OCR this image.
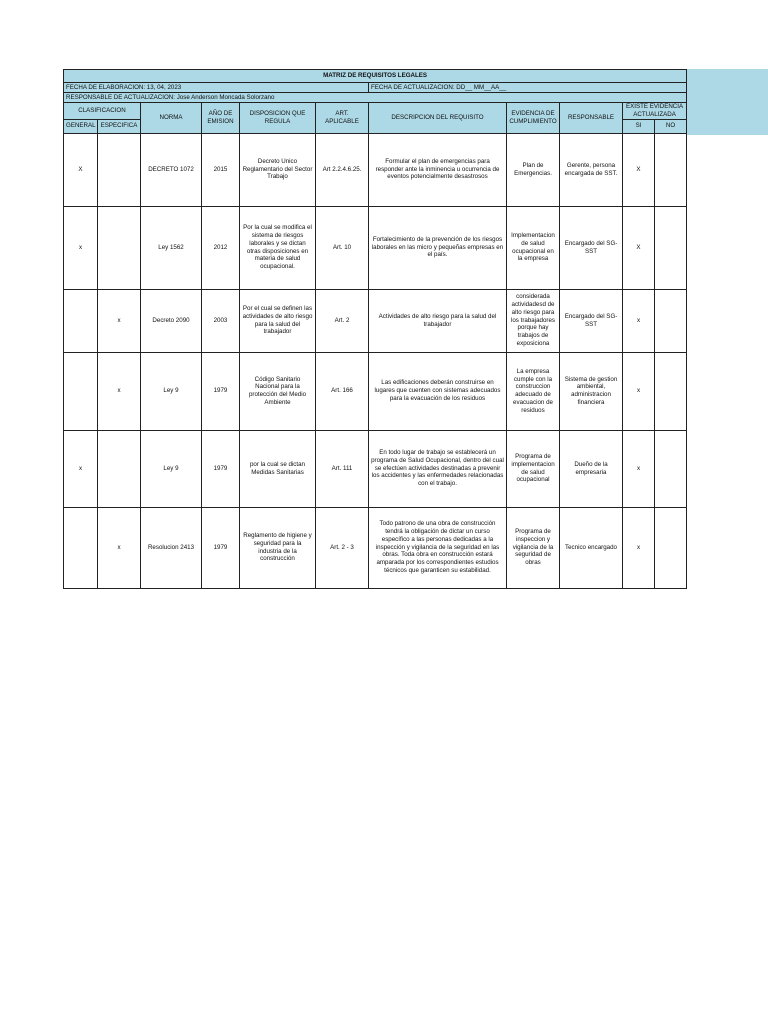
MATRIZ DE REQUISITOS LEGALES										
FECHA DE ELABORACION: 13, 04, 2023						FECHA DE ACTUALIZACION: DD__ MM__AA__				
RESPONSABLE DE ACTUALIZACION: Jose Anderson Moncada Solorzano										
CLASIFICACION		NORMA	AÑO DE EMISION	DISPOSICION QUE REGULA	ART. APLICABLE	DESCRIPCION DEL REQUISITO	EVIDENCIA DE CUMPLIMIENTO	RESPONSABLE	EXISTE EVIDENCIA ACTUALIZADA	
GENERAL	ESPECIFICA								SI	NO
X		DECRETO 1072	2015	Decreto Unico Reglamentario del Sector Trabajo	Art 2.2.4.6.25.	Formular el plan de emergencias para responder ante la inminencia u ocurrencia de eventos potencialmente desastrosos	Plan de Emergencias.	Gerente, persona encargada de SST.	X	
x		Ley 1562	2012	Por la cual se modifica el sistema de riesgos laborales y se dictan otras disposiciones en materia de salud ocupacional.	Art. 10	Fortalecimiento de la prevención de los riesgos laborales en las micro y pequeñas empresas en el país.	Implementacion de salud ocupacional en la empresa	Encargado del SG-SST	X	
	x	Decreto 2090	2003	Por el cual se definen las actividades de alto riesgo para la salud del trabajador	Art. 2	Actividades de alto riesgo para la salud del trabajador	considerada actividadesd de alto riesgo para los trabajadores porque hay trabajos de exposiciona	Encargado del SG-SST	x	
	x	Ley 9	1979	Código Sanitario Nacional para la protección del Medio Ambiente	Art. 166	Las edificaciones deberán construirse en lugares que cuenten con sistemas adecuados para la evacuación de los residuos	La empresa cumple con la construccion adecuado de evacuacion de residuos	Sistema de gestion ambiental, administracion financiera	x	
x		Ley 9	1979	por la cual se dictan Medidas Sanitarias	Art. 111	En todo lugar de trabajo se establecerá un programa de Salud Ocupacional, dentro del cual se efectúen actividades destinadas a prevenir los accidentes y las enfermedades relacionadas con el trabajo.	Programa de implementacion de salud ocupacional	Dueño de la empresaria	x	
	x	Resolucion 2413	1979	Reglamento de higiene y seguridad para la industria de la construcción	Art. 2 - 3	Todo patrono de una obra de construcción tendrá la obligación de dictar un curso específico a las personas dedicadas a la inspección y vigilancia de la seguridad en las obras. Toda obra en construcción estará amparada por los correspondientes estudios técnicos que garanticen su estabilidad.	Programa de inspeccion y vigilancia de la seguridad de obras	Tecnico encargado	x	
